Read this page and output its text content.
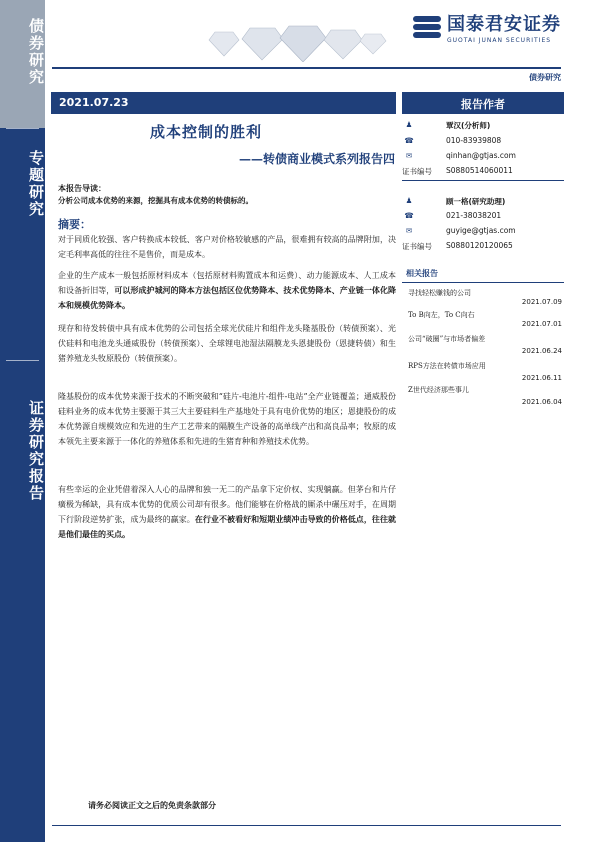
债券研究
专题研究
证券研究报告
国泰君安证券
GUOTAI JUNAN SECURITIES
债券研究
2021.07.23
成本控制的胜利
——转债商业模式系列报告四
本报告导读：
分析公司成本优势的来源，挖掘具有成本优势的转债标的。
摘要：
对于同质化较强、客户转换成本较低、客户对价格较敏感的产品，很难拥有较高的品牌附加，决定毛利率高低的往往不是售价，而是成本。
企业的生产成本一般包括原材料成本（包括原材料购置成本和运费）、动力能源成本、人工成本和设备折旧等，可以形成护城河的降本方法包括区位优势降本、技术优势降本、产业链一体化降本和规模优势降本。
现存和待发转债中具有成本优势的公司包括全球光伏硅片和组件龙头隆基股份（转债预案）、光伏硅料和电池龙头通威股份（转债预案）、全球锂电池湿法隔膜龙头恩捷股份（恩捷转债）和生猪养殖龙头牧原股份（转债预案）。
隆基股份的成本优势来源于技术的不断突破和“硅片-电池片-组件-电站”全产业链覆盖；通威股份硅料业务的成本优势主要源于其三大主要硅料生产基地处于具有电价优势的地区；恩捷股份的成本优势源自规模效应和先进的生产工艺带来的隔膜生产设备的高单线产出和高良品率；牧原的成本领先主要来源于一体化的养殖体系和先进的生猪育种和养殖技术优势。
有些幸运的企业凭借着深入人心的品牌和独一无二的产品拿下定价权、实现躺赢。但茅台和片仔癀极为稀缺，具有成本优势的优质公司却有很多。他们能够在价格战的厮杀中碾压对手，在周期下行阶段逆势扩张，成为最终的赢家。在行业不被看好和短期业绩冲击导致的价格低点，往往就是他们最佳的买点。
报告作者
♟	覃汉(分析师)
☎	010-83939808
✉	qinhan@gtjas.com
证书编号 S0880514060011
♟	顾一格(研究助理)
☎	021-38038201
✉	guyige@gtjas.com
证书编号 S0880120120065
相关报告
寻找轻松赚钱的公司
2021.07.09
To B向左，To C向右
2021.07.01
公司“破圈”与市场者偏差
2021.06.24
RPS方法在转债市场应用
2021.06.11
Z世代经济那些事儿
2021.06.04
请务必阅读正文之后的免责条款部分
